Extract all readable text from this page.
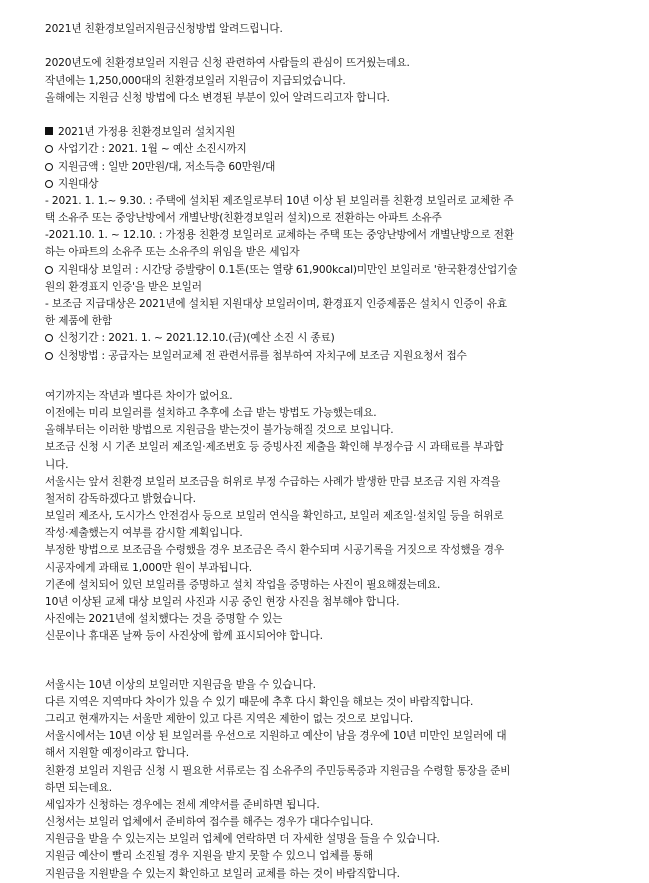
2021년 친환경보일러지원금신청방법 알려드립니다.
2020년도에 친환경보일러 지원금 신청 관련하여 사람들의 관심이 뜨거웠는데요.
작년에는 1,250,000대의 친환경보일러 지원금이 지급되었습니다.
올해에는 지원금 신청 방법에 다소 변경된 부분이 있어 알려드리고자 합니다.
2021년 가정용 친환경보일러 설치지원
사업기간 : 2021. 1월 ~ 예산 소진시까지
지원금액 : 일반 20만원/대, 저소득층 60만원/대
지원대상
- 2021. 1. 1.~ 9.30. : 주택에 설치된 제조일로부터 10년 이상 된 보일러를 친환경 보일러로 교체한 주
택 소유주 또는 중앙난방에서 개별난방(친환경보일러 설치)으로 전환하는 아파트 소유주
-2021.10. 1. ~ 12.10. : 가정용 친환경 보일러로 교체하는 주택 또는 중앙난방에서 개별난방으로 전환
하는 아파트의 소유주 또는 소유주의 위임을 받은 세입자
지원대상 보일러 : 시간당 증발량이 0.1톤(또는 열량 61,900kcal)미만인 보일러로 '한국환경산업기술
원의 환경표지 인증'을 받은 보일러
- 보조금 지급대상은 2021년에 설치된 지원대상 보일러이며, 환경표지 인증제품은 설치시 인증이 유효
한 제품에 한함
신청기간 : 2021. 1. ~ 2021.12.10.(금)(예산 소진 시 종료)
신청방법 : 공급자는 보일러교체 전 관련서류를 첨부하여 자치구에 보조금 지원요청서 접수
여기까지는 작년과 별다른 차이가 없어요.
이전에는 미리 보일러를 설치하고 추후에 소급 받는 방법도 가능했는데요.
올해부터는 이러한 방법으로 지원금을 받는것이 불가능해질 것으로 보입니다.
보조금 신청 시 기존 보일러 제조일·제조번호 등 증빙사진 제출을 확인해 부정수급 시 과태료를 부과합
니다.
서울시는 앞서 친환경 보일러 보조금을 허위로 부정 수급하는 사례가 발생한 만큼 보조금 지원 자격을
철저히 감독하겠다고 밝혔습니다.
보일러 제조사, 도시가스 안전검사 등으로 보일러 연식을 확인하고, 보일러 제조일·설치일 등을 허위로
작성·제출했는지 여부를 감시할 계획입니다.
부정한 방법으로 보조금을 수령했을 경우 보조금은 즉시 환수되며 시공기록을 거짓으로 작성했을 경우
시공자에게 과태료 1,000만 원이 부과됩니다.
기존에 설치되어 있던 보일러를 증명하고 설치 작업을 증명하는 사진이 필요해졌는데요.
10년 이상된 교체 대상 보일러 사진과 시공 중인 현장 사진을 첨부해야 합니다.
사진에는 2021년에 설치했다는 것을 증명할 수 있는
신문이나 휴대폰 날짜 등이 사진상에 함께 표시되어야 합니다.
서울시는 10년 이상의 보일러만 지원금을 받을 수 있습니다.
다른 지역은 지역마다 차이가 있을 수 있기 때문에 추후 다시 확인을 해보는 것이 바람직합니다.
그리고 현재까지는 서울만 제한이 있고 다른 지역은 제한이 없는 것으로 보입니다.
서울시에서는 10년 이상 된 보일러를 우선으로 지원하고 예산이 남을 경우에 10년 미만인 보일러에 대
해서 지원할 예정이라고 합니다.
친환경 보일러 지원금 신청 시 필요한 서류로는 집 소유주의 주민등록증과 지원금을 수령할 통장을 준비
하면 되는데요.
세입자가 신청하는 경우에는 전세 계약서를 준비하면 됩니다.
신청서는 보일러 업체에서 준비하여 접수를 해주는 경우가 대다수입니다.
지원금을 받을 수 있는지는 보일러 업체에 연락하면 더 자세한 설명을 들을 수 있습니다.
지원금 예산이 빨리 소진될 경우 지원을 받지 못할 수 있으니 업체를 통해
지원금을 지원받을 수 있는지 확인하고 보일러 교체를 하는 것이 바람직합니다.
